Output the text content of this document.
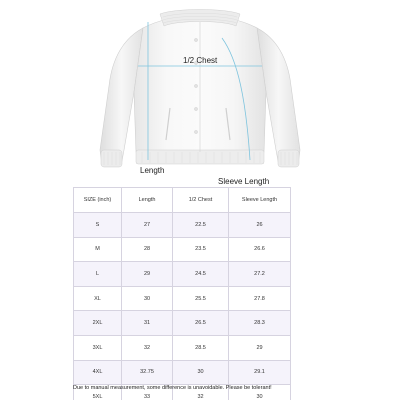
1/2 Chest
Length
Sleeve Length
SIZE (inch)	Length	1/2 Chest	Sleeve Length
S	27	22.5	26
M	28	23.5	26.6
L	29	24.5	27.2
XL	30	25.5	27.8
2XL	31	26.5	28.3
3XL	32	28.5	29
4XL	32.75	30	29.1
5XL	33	32	30
Due to manual measurement, some difference is unavoidable. Please be tolerant!
